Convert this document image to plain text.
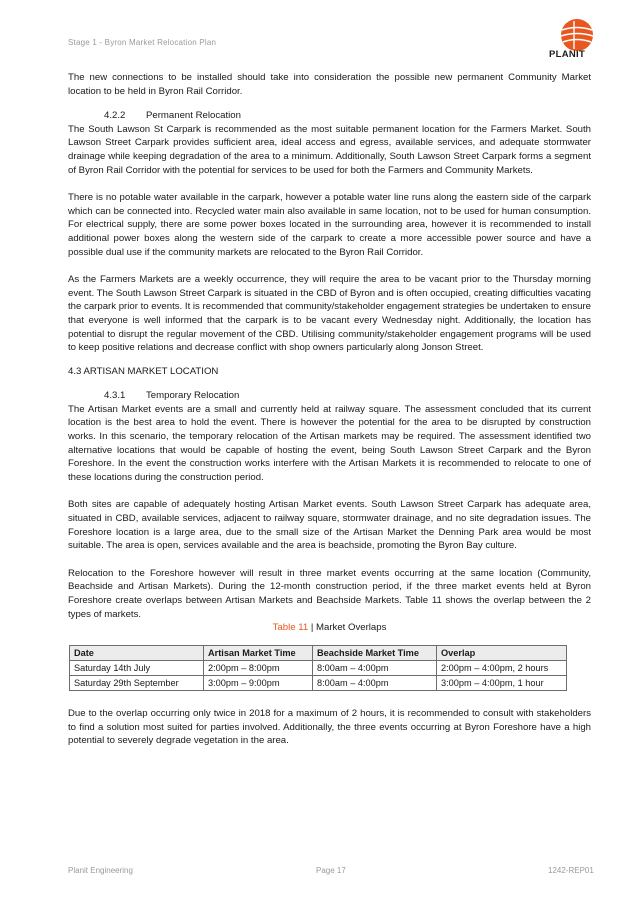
Stage 1 - Byron Market Relocation Plan
PLANIT

The new connections to be installed should take into consideration the possible new permanent Community Market location to be held in Byron Rail Corridor.

4.2.2 Permanent Relocation

The South Lawson St Carpark is recommended as the most suitable permanent location for the Farmers Market. South Lawson Street Carpark provides sufficient area, ideal access and egress, available services, and adequate stormwater drainage while keeping degradation of the area to a minimum. Additionally, South Lawson Street Carpark forms a segment of Byron Rail Corridor with the potential for services to be used for both the Farmers and Community Markets.

There is no potable water available in the carpark, however a potable water line runs along the eastern side of the carpark which can be connected into. Recycled water main also available in same location, not to be used for human consumption. For electrical supply, there are some power boxes located in the surrounding area, however it is recommended to install additional power boxes along the western side of the carpark to create a more accessible power source and have a possible dual use if the community markets are relocated to the Byron Rail Corridor.

As the Farmers Markets are a weekly occurrence, they will require the area to be vacant prior to the Thursday morning event. The South Lawson Street Carpark is situated in the CBD of Byron and is often occupied, creating difficulties vacating the carpark prior to events. It is recommended that community/stakeholder engagement strategies be undertaken to ensure that everyone is well informed that the carpark is to be vacant every Wednesday night. Additionally, the location has potential to disrupt the regular movement of the CBD. Utilising community/stakeholder engagement programs will be used to keep positive relations and decrease conflict with shop owners particularly along Jonson Street.

4.3 ARTISAN MARKET LOCATION
4.3.1 Temporary Relocation

The Artisan Market events are a small and currently held at railway square. The assessment concluded that its current location is the best area to hold the event. There is however the potential for the area to be disrupted by construction works. In this scenario, the temporary relocation of the Artisan markets may be required. The assessment identified two alternative locations that would be capable of hosting the event, being South Lawson Street Carpark and the Byron Foreshore. In the event the construction works interfere with the Artisan Markets it is recommended to relocate to one of these locations during the construction period.

Both sites are capable of adequately hosting Artisan Market events. South Lawson Street Carpark has adequate area, situated in CBD, available services, adjacent to railway square, stormwater drainage, and no site degradation issues. The Foreshore location is a large area, due to the small size of the Artisan Market the Denning Park area would be most suitable. The area is open, services available and the area is beachside, promoting the Byron Bay culture.

Relocation to the Foreshore however will result in three market events occurring at the same location (Community, Beachside and Artisan Markets). During the 12-month construction period, if the three market events held at Byron Foreshore create overlaps between Artisan Markets and Beachside Markets. Table 11 shows the overlap between the 2 types of markets.

Table 11 | Market Overlaps
Date	Artisan Market Time	Beachside Market Time	Overlap
Saturday 14th July	2:00pm – 8:00pm	8:00am – 4:00pm	2:00pm – 4:00pm, 2 hours
Saturday 29th September	3:00pm – 9:00pm	8:00am – 4:00pm	3:00pm – 4:00pm, 1 hour

Due to the overlap occurring only twice in 2018 for a maximum of 2 hours, it is recommended to consult with stakeholders to find a solution most suited for parties involved. Additionally, the three events occurring at Byron Foreshore have a high potential to severely degrade vegetation in the area.

Planit Engineering	Page 17	1242-REP01
